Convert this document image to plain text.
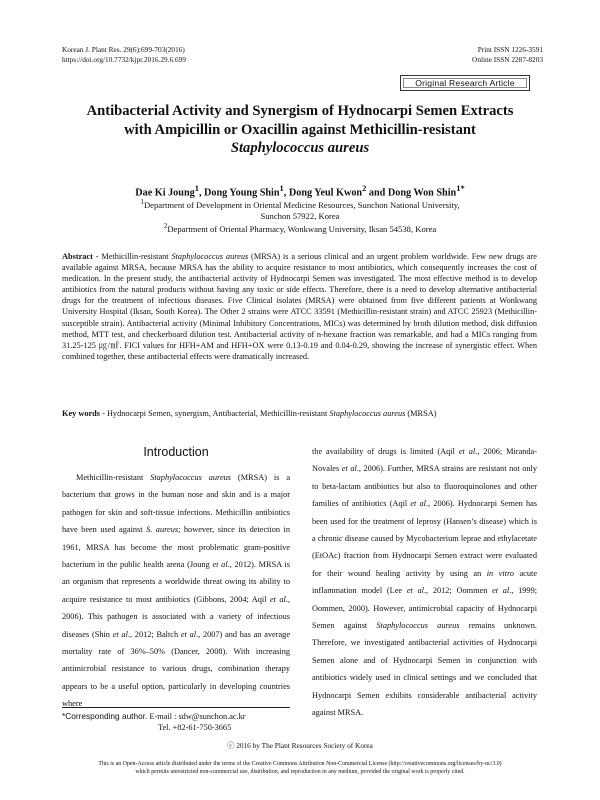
Korean J. Plant Res. 29(6):699-703(2016)
https://doi.org/10.7732/kjpr.2016.29.6.699
Print ISSN 1226-3591
Online ISSN 2287-8203
Original Research Article
Antibacterial Activity and Synergism of Hydnocarpi Semen Extracts
with Ampicillin or Oxacillin against Methicillin-resistant
Staphylococcus aureus
Dae Ki Joung$^1$, Dong Young Shin$^1$, Dong Yeul Kwon$^2$ and Dong Won Shin$^{1*}$
$^1$Department of Development in Oriental Medicine Resources, Sunchon National University,
Sunchon 57922, Korea
$^2$Department of Oriental Pharmacy, Wonkwang University, Iksan 54538, Korea
Abstract - Methicillin-resistant Staphylococcus aureus (MRSA) is a serious clinical and an urgent problem worldwide. Few new drugs are available against MRSA, because MRSA has the ability to acquire resistance to most antibiotics, which consequently increases the cost of medication. In the present study, the antibacterial activity of Hydnocarpi Semen was investigated. The most effective method is to develop antibiotics from the natural products without having any toxic or side effects. Therefore, there is a need to develop alternative antibacterial drugs for the treatment of infectious diseases. Five Clinical isolates (MRSA) were obtained from five different patients at Wonkwang University Hospital (Iksan, South Korea). The Other 2 strains were ATCC 33591 (Methicillin-resistant strain) and ATCC 25923 (Methicillin-susceptible strain). Antibacterial activity (Minimal Inhibitory Concentrations, MICs) was determined by broth dilution method, disk diffusion method, MTT test, and checkerboard dilution test. Antibacterial activity of n-hexane fraction was remarkable, and had a MICs ranging from 31.25-125 ㎍/㎖. FICI values for HFH+AM and HFH+OX were 0.13-0.19 and 0.04-0.29, showing the increase of synergistic effect. When combined together, these antibacterial effects were dramatically increased.
Key words - Hydnocarpi Semen, synergism, Antibacterial, Methicillin-resistant Staphylococcus aureus (MRSA)
Introduction

Methicillin-resistant Staphylococcus aureus (MRSA) is a bacterium that grows in the human nose and skin and is a major pathogen for skin and soft-tissue infections. Methicillin antibiotics have been used against S. aureus; however, since its detection in 1961, MRSA has become the most problematic gram-positive bacterium in the public health arena (Joung et al., 2012). MRSA is an organism that represents a worldwide threat owing its ability to acquire resistance to most antibiotics (Gibbons, 2004; Aqil et al., 2006). This pathogen is associated with a variety of infectious diseases (Shin et al., 2012; Baltch et al., 2007) and has an average mortality rate of 36%–50% (Dancer, 2008). With increasing antimicrobial resistance to various drugs, combination therapy appears to be a useful option, particularly in developing countries where

the availability of drugs is limited (Aqil et al., 2006; Miranda-Novales et al., 2006). Further, MRSA strains are resistant not only to beta-lactam antibiotics but also to fluoroquinolones and other families of antibiotics (Aqil et al., 2006). Hydnocarpi Semen has been used for the treatment of leprosy (Hansen’s disease) which is a chronic disease caused by Mycobacterium leprae and ethylacetate (EtOAc) fraction from Hydnocarpi Semen extract were evaluated for their wound healing activity by using an in vitro acute inflammation model (Lee et al., 2012; Oommen et al., 1999; Oommen, 2000). However, antimicrobial capacity of Hydnocarpi Semen against Staphylococcus aureus remains unknown. Therefore, we investigated antibacterial activities of Hydnocarpi Semen alone and of Hydnocarpi Semen in conjunction with antibiotics widely used in clinical settings and we concluded that Hydnocarpi Semen exhibits considerable antibacterial activity against MRSA.

*Corresponding author. E-mail : sdw@sunchon.ac.kr
Tel. +82-61-750-3665
ⓒ 2016 by The Plant Resources Society of Korea
This is an Open-Access article distributed under the terms of the Creative Commons Attribution Non-Commercial License (http://creativecommons.org/licenses/by-nc/3.0)
which permits unrestricted non-commercial use, distribution, and reproduction in any medium, provided the original work is properly cited.
